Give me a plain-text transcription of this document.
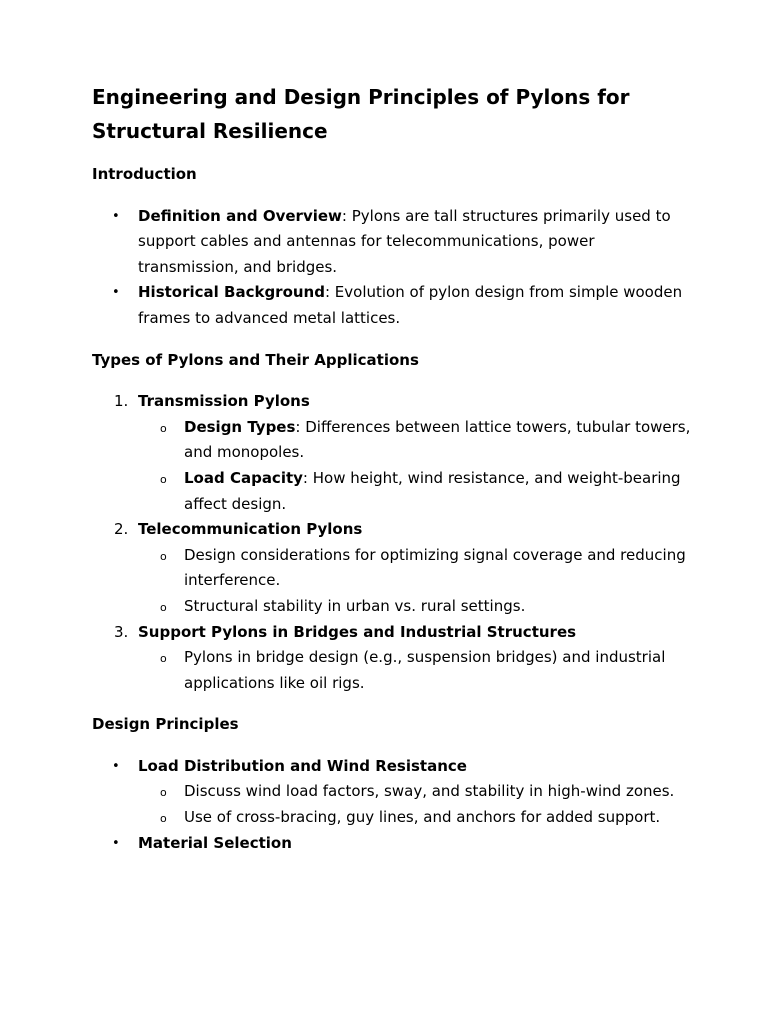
Engineering and Design Principles of Pylons for Structural Resilience
Introduction
• Definition and Overview: Pylons are tall structures primarily used to support cables and antennas for telecommunications, power transmission, and bridges.
• Historical Background: Evolution of pylon design from simple wooden frames to advanced metal lattices.
Types of Pylons and Their Applications
1. Transmission Pylons
o Design Types: Differences between lattice towers, tubular towers, and monopoles.
o Load Capacity: How height, wind resistance, and weight-bearing affect design.
2. Telecommunication Pylons
o Design considerations for optimizing signal coverage and reducing interference.
o Structural stability in urban vs. rural settings.
3. Support Pylons in Bridges and Industrial Structures
o Pylons in bridge design (e.g., suspension bridges) and industrial applications like oil rigs.
Design Principles
• Load Distribution and Wind Resistance
o Discuss wind load factors, sway, and stability in high-wind zones.
o Use of cross-bracing, guy lines, and anchors for added support.
• Material Selection
